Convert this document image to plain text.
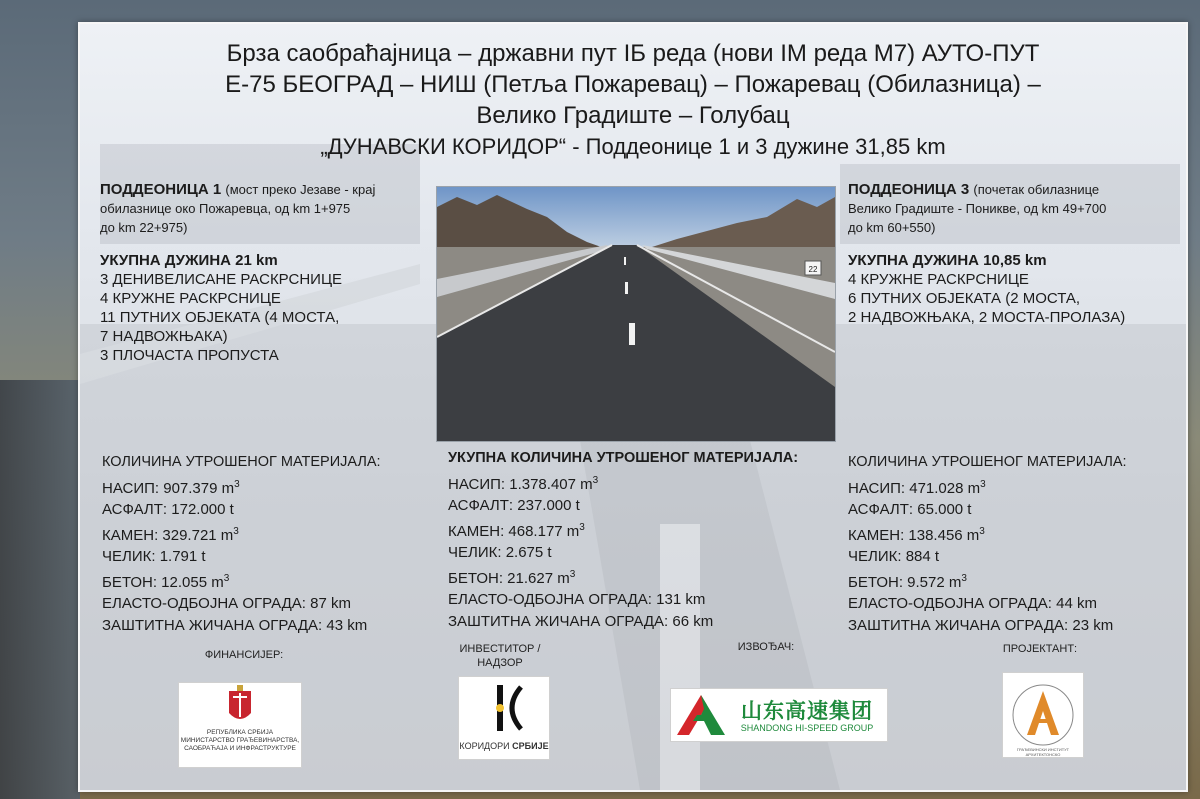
Брза саобраћајница – државни пут IБ реда (нови IM реда M7) АУТО-ПУТ
Е-75 БЕОГРАД – НИШ (Петља Пожаревац) – Пожаревац (Обилазница) –
Велико Градиште – Голубац
„ДУНАВСКИ КОРИДОР“ - Поддеонице 1 и 3 дужине 31,85 km
22

ПОДДЕОНИЦА 1 (мост преко Језаве - крај

обилазнице око Пожаревца, од km 1+975

до km 22+975)

УКУПНА ДУЖИНА 21 km

3 ДЕНИВЕЛИСАНЕ РАСКРСНИЦЕ

4 КРУЖНЕ РАСКРСНИЦЕ

11 ПУТНИХ ОБЈЕКАТА (4 МОСТА,

7 НАДВОЖЊАКА)

3 ПЛОЧАСТА ПРОПУСТА

ПОДДЕОНИЦА 3 (почетак обилазнице

Велико Градиште - Поникве, од km 49+700

до km 60+550)

УКУПНА ДУЖИНА 10,85 km

4 КРУЖНЕ РАСКРСНИЦЕ

6 ПУТНИХ ОБЈЕКАТА (2 МОСТА,

2 НАДВОЖЊАКА, 2 МОСТА-ПРОЛАЗА)

КОЛИЧИНА УТРОШЕНОГ МАТЕРИЈАЛА:

НАСИП: 907.379 $m^3$

АСФАЛТ: 172.000 t

КАМЕН: 329.721 $m^3$

ЧЕЛИК: 1.791 t

БЕТОН: 12.055 $m^3$

ЕЛАСТО-ОДБОЈНА ОГРАДА: 87 km

ЗАШТИТНА ЖИЧАНА ОГРАДА: 43 km

УКУПНА КОЛИЧИНА УТРОШЕНОГ МАТЕРИЈАЛА:

НАСИП: 1.378.407 $m^3$

АСФАЛТ: 237.000 t

КАМЕН: 468.177 $m^3$

ЧЕЛИК: 2.675 t

БЕТОН: 21.627 $m^3$

ЕЛАСТО-ОДБОЈНА ОГРАДА: 131 km

ЗАШТИТНА ЖИЧАНА ОГРАДА: 66 km

КОЛИЧИНА УТРОШЕНОГ МАТЕРИЈАЛА:

НАСИП: 471.028 $m^3$

АСФАЛТ: 65.000 t

КАМЕН: 138.456 $m^3$

ЧЕЛИК: 884 t

БЕТОН: 9.572 $m^3$

ЕЛАСТО-ОДБОЈНА ОГРАДА: 44 km

ЗАШТИТНА ЖИЧАНА ОГРАДА: 23 km

ФИНАНСИЈЕР:	ИНВЕСТИТОР /
НАДЗОР
ИЗВОЂАЧ:	ПРОЈЕКТАНТ:
РЕПУБЛИКА СРБИЈА
МИНИСТАРСТВО ГРАЂЕВИНАРСТВА,
САОБРАЋАЈА И ИНФРАСТРУКТУРЕ	КОРИДОРИ СРБИЈЕ
山东高速集团
SHANDONG HI-SPEED GROUP
ГРАЂЕВИНСКИ ИНСТИТУТ АРХИТЕКТОНСКО
